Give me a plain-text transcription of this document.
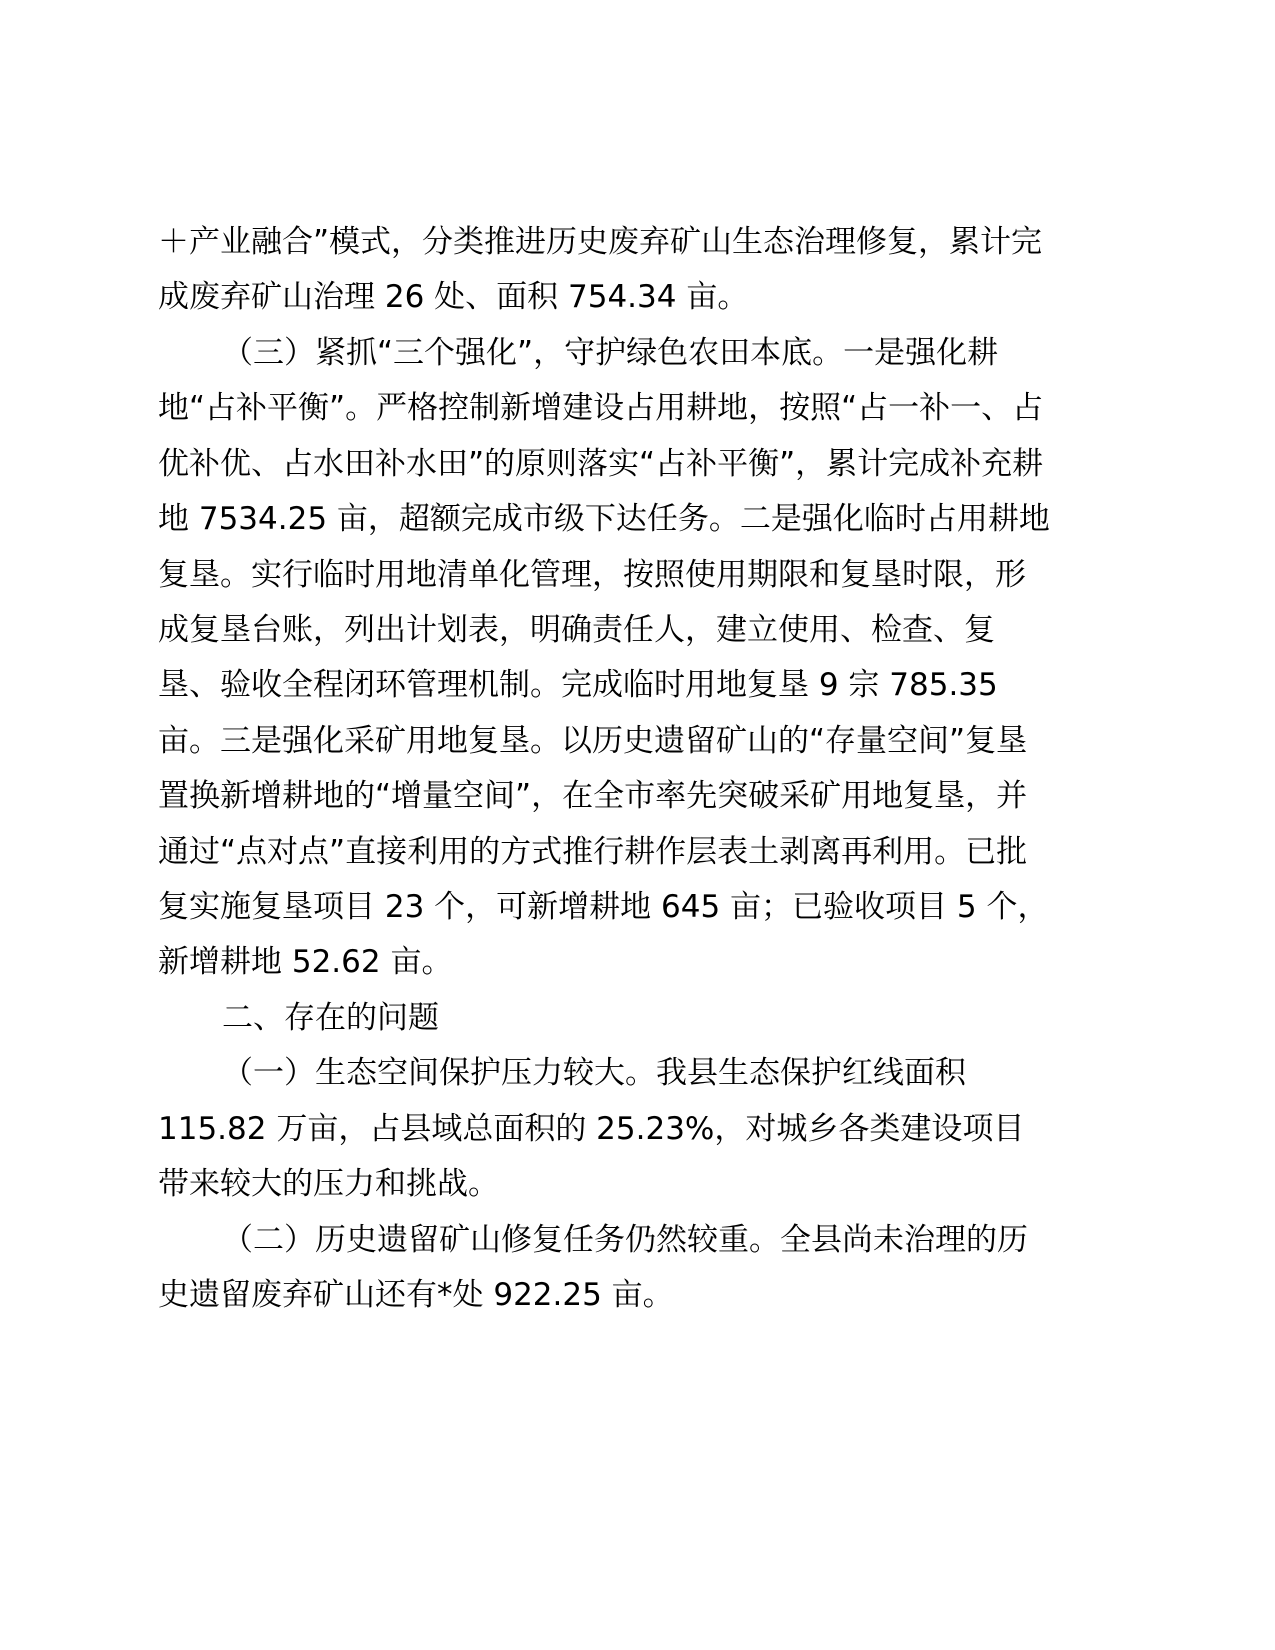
＋产业融合”模式，分类推进历史废弃矿山生态治理修复，累计完
成废弃矿山治理 26 处、面积 754.34 亩。
（三）紧抓“三个强化”，守护绿色农田本底。一是强化耕
地“占补平衡”。严格控制新增建设占用耕地，按照“占一补一、占
优补优、占水田补水田”的原则落实“占补平衡”，累计完成补充耕
地 7534.25 亩，超额完成市级下达任务。二是强化临时占用耕地
复垦。实行临时用地清单化管理，按照使用期限和复垦时限，形
成复垦台账，列出计划表，明确责任人，建立使用、检查、复
垦、验收全程闭环管理机制。完成临时用地复垦 9 宗 785.35
亩。三是强化采矿用地复垦。以历史遗留矿山的“存量空间”复垦
置换新增耕地的“增量空间”，在全市率先突破采矿用地复垦，并
通过“点对点”直接利用的方式推行耕作层表土剥离再利用。已批
复实施复垦项目 23 个，可新增耕地 645 亩；已验收项目 5 个，
新增耕地 52.62 亩。
二、存在的问题
（一）生态空间保护压力较大。我县生态保护红线面积
115.82 万亩，占县域总面积的 25.23%，对城乡各类建设项目
带来较大的压力和挑战。
（二）历史遗留矿山修复任务仍然较重。全县尚未治理的历
史遗留废弃矿山还有*处 922.25 亩。
